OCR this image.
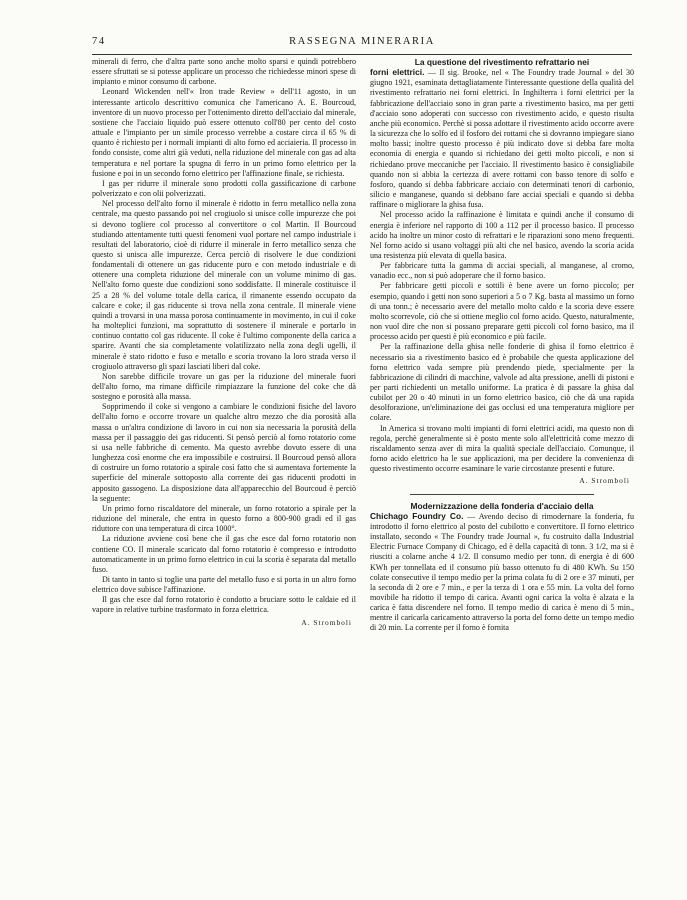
74	RASSEGNA MINERARIA

minerali di ferro, che d'altra parte sono anche molto sparsi e quindi potrebbero essere sfruttati se si potesse applicare un processo che richiedesse minori spese di impianto e minor consumo di carbone.

Leonard Wickenden nell'« Iron trade Review » dell'11 agosto, in un interessante articolo descrittivo comunica che l'americano A. E. Bourcoud, inventore di un nuovo processo per l'ottenimento diretto dell'acciaio dal minerale, sostiene che l'acciaio liquido può essere ottenuto coll'80 per cento del costo attuale e l'impianto per un simile processo verrebbe a costare circa il 65 % di quanto è richiesto per i normali impianti di alto forno ed acciaieria. Il processo in fondo consiste, come altri già veduti, nella riduzione del minerale con gas ad alta temperatura e nel portare la spugna di ferro in un primo forno elettrico per la fusione e poi in un secondo forno elettrico per l'affinazione finale, se richiesta.

I gas per ridurre il minerale sono prodotti colla gassificazione di carbone polverizzato e con olii polverizzati.

Nel processo dell'alto forno il minerale è ridotto in ferro metallico nella zona centrale, ma questo passando poi nel crogiuolo si unisce colle impurezze che poi si devono togliere col processo al convertitore o col Martin. Il Bourcoud studiando attentamente tutti questi fenomeni vuol portare nel campo industriale i resultati del laboratorio, cioè di ridurre il minerale in ferro metallico senza che questo si unisca alle impurezze. Cerca perciò di risolvere le due condizioni fondamentali di ottenere un gas riducente puro e con metodo industriale e di ottenere una completa riduzione del minerale con un volume minimo di gas. Nell'alto forno queste due condizioni sono soddisfatte. Il minerale costituisce il 25 a 28 % del volume totale della carica, il rimanente essendo occupato da calcare e coke; il gas riducente si trova nella zona centrale. Il minerale viene quindi a trovarsi in una massa porosa continuamente in movimento, in cui il coke ha molteplici funzioni, ma soprattutto di sostenere il minerale e portarlo in continuo contatto col gas riducente. Il coke è l'ultimo componente della carica a sparire. Avanti che sia completamente volatilizzato nella zona degli ugelli, il minerale è stato ridotto e fuso e metallo e scoria trovano la loro strada verso il crogiuolo attraverso gli spazi lasciati liberi dal coke.

Non sarebbe difficile trovare un gas per la riduzione del minerale fuori dell'alto forno, ma rimane difficile rimpiazzare la funzione del coke che dà sostegno e porosità alla massa.

Sopprimendo il coke si vengono a cambiare le condizioni fisiche del lavoro dell'alto forno e occorre trovare un qualche altro mezzo che dia porosità alla massa o un'altra condizione di lavoro in cui non sia necessaria la porosità della massa per il passaggio dei gas riducenti. Si pensò perciò al forno rotatorio come si usa nelle fabbriche di cemento. Ma questo avrebbe dovuto essere di una lunghezza così enorme che era impossibile e costruirsi. Il Bourcoud pensò allora di costruire un forno rotatorio a spirale così fatto che si aumentava fortemente la superficie del minerale sottoposto alla corrente dei gas riducenti prodotti in apposito gassogeno. La disposizione data all'apparecchio del Bourcoud è perciò la seguente:

Un primo forno riscaldatore del minerale, un forno rotatorio a spirale per la riduzione del minerale, che entra in questo forno a 800-900 gradi ed il gas riduttore con una temperatura di circa 1000°.

La riduzione avviene così bene che il gas che esce dal forno rotatorio non contiene CO. Il minerale scaricato dal forno rotatorio è compresso e introdotto automaticamente in un primo forno elettrico in cui la scoria è separata dal metallo fuso.

Di tanto in tanto si toglie una parte del metallo fuso e si porta in un altro forno elettrico dove subisce l'affinazione.

Il gas che esce dal forno rotatorio è condotto a bruciare sotto le caldaie ed il vapore in relative turbine trasformato in forza elettrica.

A. Stromboli
La questione del rivestimento refrattario nei

forni elettrici. — Il sig. Brooke, nel « The Foundry trade Journal » del 30 giugno 1921, esaminata dettagliatamente l'interessante questione della qualità del rivestimento refrattario nei forni elettrici. In Inghilterra i forni elettrici per la fabbricazione dell'acciaio sono in gran parte a rivestimento basico, ma per getti d'acciaio sono adoperati con successo con rivestimento acido, e questo risulta anche più economico. Perchè si possa adottare il rivestimento acido occorre avere la sicurezza che lo solfo ed il fosforo dei rottami che si dovranno impiegare siano molto bassi; inoltre questo processo è più indicato dove si debba fare molta economia di energia e quando si richiedano dei getti molto piccoli, e non si richiedano prove meccaniche per l'acciaio. Il rivestimento basico è consigliabile quando non si abbia la certezza di avere rottami con basso tenore di solfo e fosforo, quando si debba fabbricare acciaio con determinati tenori di carbonio, silicio e manganese, quando si debbano fare acciai speciali e quando si debba raffinare o migliorare la ghisa fusa.

Nel processo acido la raffinazione è limitata e quindi anche il consumo di energia è inferiore nel rapporto di 100 a 112 per il processo basico. Il processo acido ha inoltre un minor costo di refrattari e le riparazioni sono meno frequenti. Nel forno acido si usano voltaggi più alti che nel basico, avendo la scoria acida una resistenza più elevata di quella basica.

Per fabbricare tutta la gamma di acciai speciali, al manganese, al cromo, vanadio ecc., non si può adoperare che il forno basico.

Per fabbricare getti piccoli e sottili è bene avere un forno piccolo; per esempio, quando i getti non sono superiori a 5 o 7 Kg. basta al massimo un forno di una tonn.; è necessario avere del metallo molto caldo e la scoria deve essere molto scorrevole, ciò che si ottiene meglio col forno acido. Questo, naturalmente, non vuol dire che non si possano preparare getti piccoli col forno basico, ma il processo acido per questi è più economico e più facile.

Per la raffinazione della ghisa nelle fonderie di ghisa il forno elettrico è necessario sia a rivestimento basico ed è probabile che questa applicazione del forno elettrico vada sempre più prendendo piede, specialmente per la fabbricazione di cilindri di macchine, valvole ad alta pressione, anelli di pistoni e per parti richiedenti un metallo uniforme. La pratica è di passare la ghisa dal cubilot per 20 o 40 minuti in un forno elettrico basico, ciò che dà una rapida desolforazione, un'eliminazione dei gas occlusi ed una temperatura migliore per colare.

In America si trovano molti impianti di forni elettrici acidi, ma questo non di regola, perchè generalmente si è posto mente solo all'elettricità come mezzo di riscaldamento senza aver di mira la qualità speciale dell'acciaio. Comunque, il forno acido elettrico ha le sue applicazioni, ma per decidere la convenienza di questo rivestimento occorre esaminare le varie circostanze presenti e future.

A. Stromboli
Modernizzazione della fonderia d'acciaio della

Chichago Foundry Co. — Avendo deciso di rimodernare la fonderia, fu introdotto il forno elettrico al posto del cubilotto e convertitore. Il forno elettrico installato, secondo « The Foundry trade Journal », fu costruito dalla Industrial Electric Furnace Company di Chicago, ed è della capacità di tonn. 3 1/2, ma si è riusciti a colarne anche 4 1/2. Il consumo medio per tonn. di energia è di 600 KWh per tonnellata ed il consumo più basso ottenuto fu di 480 KWh. Su 150 colate consecutive il tempo medio per la prima colata fu di 2 ore e 37 minuti, per la seconda di 2 ore e 7 min., e per la terza di 1 ora e 55 min. La volta del forno movibile ha ridotto il tempo di carica. Avanti ogni carica la volta è alzata e la carica è fatta discendere nel forno. Il tempo medio di carica è meno di 5 min., mentre il caricarla caricamento attraverso la porta del forno dette un tempo medio di 20 min. La corrente per il forno è fornita
